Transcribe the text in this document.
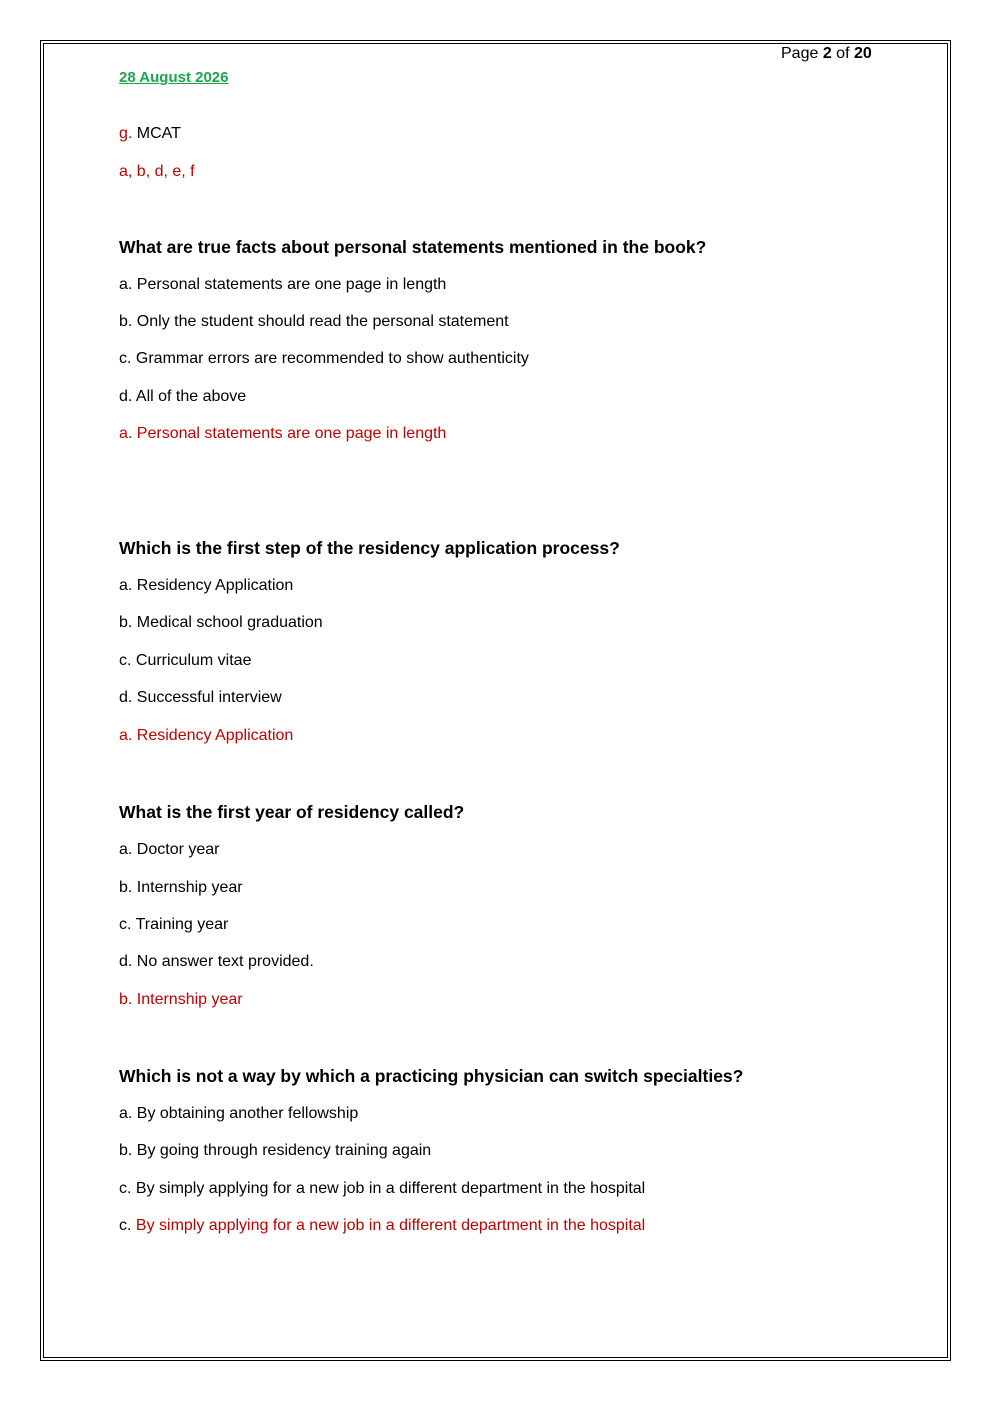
Page 2 of 20
28 August 2026
g. MCAT
a, b, d, e, f
What are true facts about personal statements mentioned in the book?
a. Personal statements are one page in length
b. Only the student should read the personal statement
c. Grammar errors are recommended to show authenticity
d. All of the above
a. Personal statements are one page in length
Which is the first step of the residency application process?
a. Residency Application
b. Medical school graduation
c. Curriculum vitae
d. Successful interview
a. Residency Application
What is the first year of residency called?
a. Doctor year
b. Internship year
c. Training year
d. No answer text provided.
b. Internship year
Which is not a way by which a practicing physician can switch specialties?
a. By obtaining another fellowship
b. By going through residency training again
c. By simply applying for a new job in a different department in the hospital
c. By simply applying for a new job in a different department in the hospital
